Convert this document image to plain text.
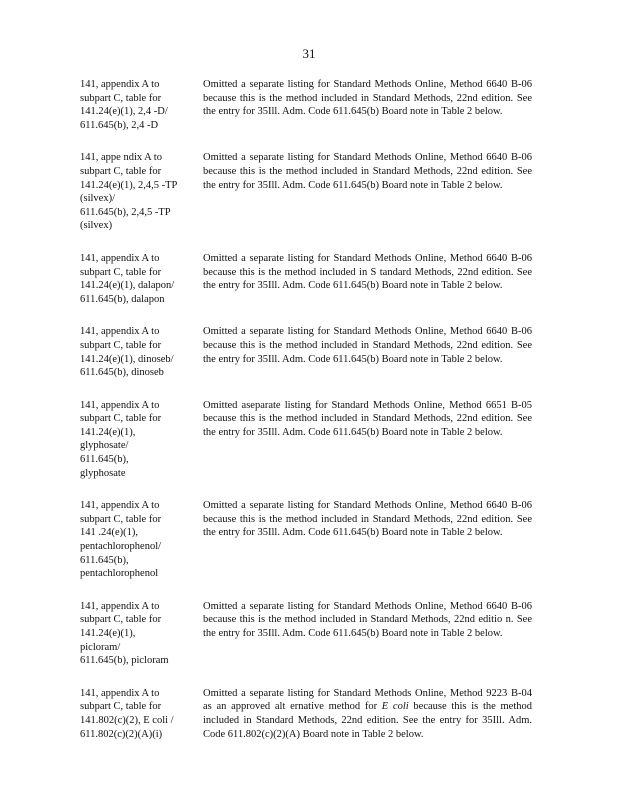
31
141, appendix A to
subpart C, table for
141.24(e)(1), 2,4 -D/
611.645(b), 2,4 -D
Omitted a separate listing for Standard Methods Online, Method 6640 B-06 because this is the method included in Standard Methods, 22nd edition. See the entry for 35Ill. Adm. Code 611.645(b) Board note in Table 2 below.
141, appe ndix A to
subpart C, table for
141.24(e)(1), 2,4,5 -TP
(silvex)/
611.645(b), 2,4,5 -TP
(silvex)
Omitted a separate listing for Standard Methods Online, Method 6640 B-06 because this is the method included in Standard Methods, 22nd edition. See the entry for 35Ill. Adm. Code 611.645(b) Board note in Table 2 below.
141, appendix A to
subpart C, table for
141.24(e)(1), dalapon/
611.645(b), dalapon
Omitted a separate listing for Standard Methods Online, Method 6640 B-06 because this is the method included in S tandard Methods, 22nd edition. See the entry for 35Ill. Adm. Code 611.645(b) Board note in Table 2 below.
141, appendix A to
subpart C, table for
141.24(e)(1), dinoseb/
611.645(b), dinoseb
Omitted a separate listing for Standard Methods Online, Method 6640 B-06 because this is the method included in Standard Methods, 22nd edition. See the entry for 35Ill. Adm. Code 611.645(b) Board note in Table 2 below.
141, appendix A to
subpart C, table for
141.24(e)(1),
glyphosate/
611.645(b),
glyphosate
Omitted aseparate listing for Standard Methods Online, Method 6651 B-05 because this is the method included in Standard Methods, 22nd edition. See the entry for 35Ill. Adm. Code 611.645(b) Board note in Table 2 below.
141, appendix A to
subpart C, table for
141 .24(e)(1),
pentachlorophenol/
611.645(b),
pentachlorophenol
Omitted a separate listing for Standard Methods Online, Method 6640 B-06 because this is the method included in Standard Methods, 22nd edition. See the entry for 35Ill. Adm. Code 611.645(b) Board note in Table 2 below.
141, appendix A to
subpart C, table for
141.24(e)(1),
picloram/
611.645(b), picloram
Omitted a separate listing for Standard Methods Online, Method 6640 B-06 because this is the method included in Standard Methods, 22nd editio n. See the entry for 35Ill. Adm. Code 611.645(b) Board note in Table 2 below.
141, appendix A to
subpart C, table for
141.802(c)(2), E coli /
611.802(c)(2)(A)(i)
Omitted a separate listing for Standard Methods Online, Method 9223 B-04 as an approved alt ernative method for E coli because this is the method included in Standard Methods, 22nd edition. See the entry for 35Ill. Adm. Code 611.802(c)(2)(A) Board note in Table 2 below.
